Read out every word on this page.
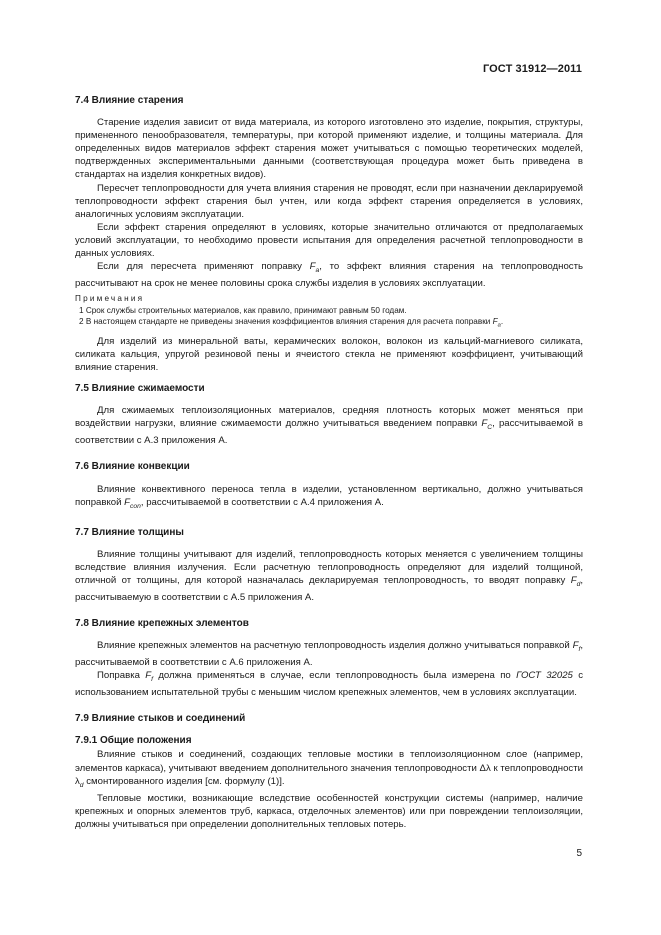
ГОСТ 31912—2011
7.4 Влияние старения

Старение изделия зависит от вида материала, из которого изготовлено это изделие, покрытия, структуры, примененного пенообразователя, температуры, при которой применяют изделие, и толщины материала. Для определенных видов материалов эффект старения может учитываться с помощью теоретических моделей, подтвержденных экспериментальными данными (соответствующая процедура может быть приведена в стандартах на изделия конкретных видов).

Пересчет теплопроводности для учета влияния старения не проводят, если при назначении декларируемой теплопроводности эффект старения был учтен, или когда эффект старения определяется в условиях, аналогичных условиям эксплуатации.

Если эффект старения определяют в условиях, которые значительно отличаются от предполагаемых условий эксплуатации, то необходимо провести испытания для определения расчетной теплопроводности в данных условиях.

Если для пересчета применяют поправку $F_a$, то эффект влияния старения на теплопроводность рассчитывают на срок не менее половины срока службы изделия в условиях эксплуатации.

Примечания
1 Срок службы строительных материалов, как правило, принимают равным 50 годам.
2 В настоящем стандарте не приведены значения коэффициентов влияния старения для расчета поправки $F_a$.

Для изделий из минеральной ваты, керамических волокон, волокон из кальций-магниевого силиката, силиката кальция, упругой резиновой пены и ячеистого стекла не применяют коэффициент, учитывающий влияние старения.

7.5 Влияние сжимаемости

Для сжимаемых теплоизоляционных материалов, средняя плотность которых может меняться при воздействии нагрузки, влияние сжимаемости должно учитываться введением поправки $F_C$, рассчитываемой в соответствии с А.3 приложения А.

7.6 Влияние конвекции

Влияние конвективного переноса тепла в изделии, установленном вертикально, должно учитываться поправкой $F_{con}$, рассчитываемой в соответствии с А.4 приложения А.

7.7 Влияние толщины

Влияние толщины учитывают для изделий, теплопроводность которых меняется с увеличением толщины вследствие влияния излучения. Если расчетную теплопроводность определяют для изделий толщиной, отличной от толщины, для которой назначалась декларируемая теплопроводность, то вводят поправку $F_d$, рассчитываемую в соответствии с А.5 приложения А.

7.8 Влияние крепежных элементов

Влияние крепежных элементов на расчетную теплопроводность изделия должно учитываться поправкой $F_f$, рассчитываемой в соответствии с А.6 приложения А.

Поправка $F_f$ должна применяться в случае, если теплопроводность была измерена по ГОСТ 32025 с использованием испытательной трубы с меньшим числом крепежных элементов, чем в условиях эксплуатации.

7.9 Влияние стыков и соединений
7.9.1 Общие положения

Влияние стыков и соединений, создающих тепловые мостики в теплоизоляционном слое (например, элементов каркаса), учитывают введением дополнительного значения теплопроводности Δλ к теплопроводности $\lambda_d$ смонтированного изделия [см. формулу (1)].

Тепловые мостики, возникающие вследствие особенностей конструкции системы (например, наличие крепежных и опорных элементов труб, каркаса, отделочных элементов) или при повреждении теплоизоляции, должны учитываться при определении дополнительных тепловых потерь.

5
